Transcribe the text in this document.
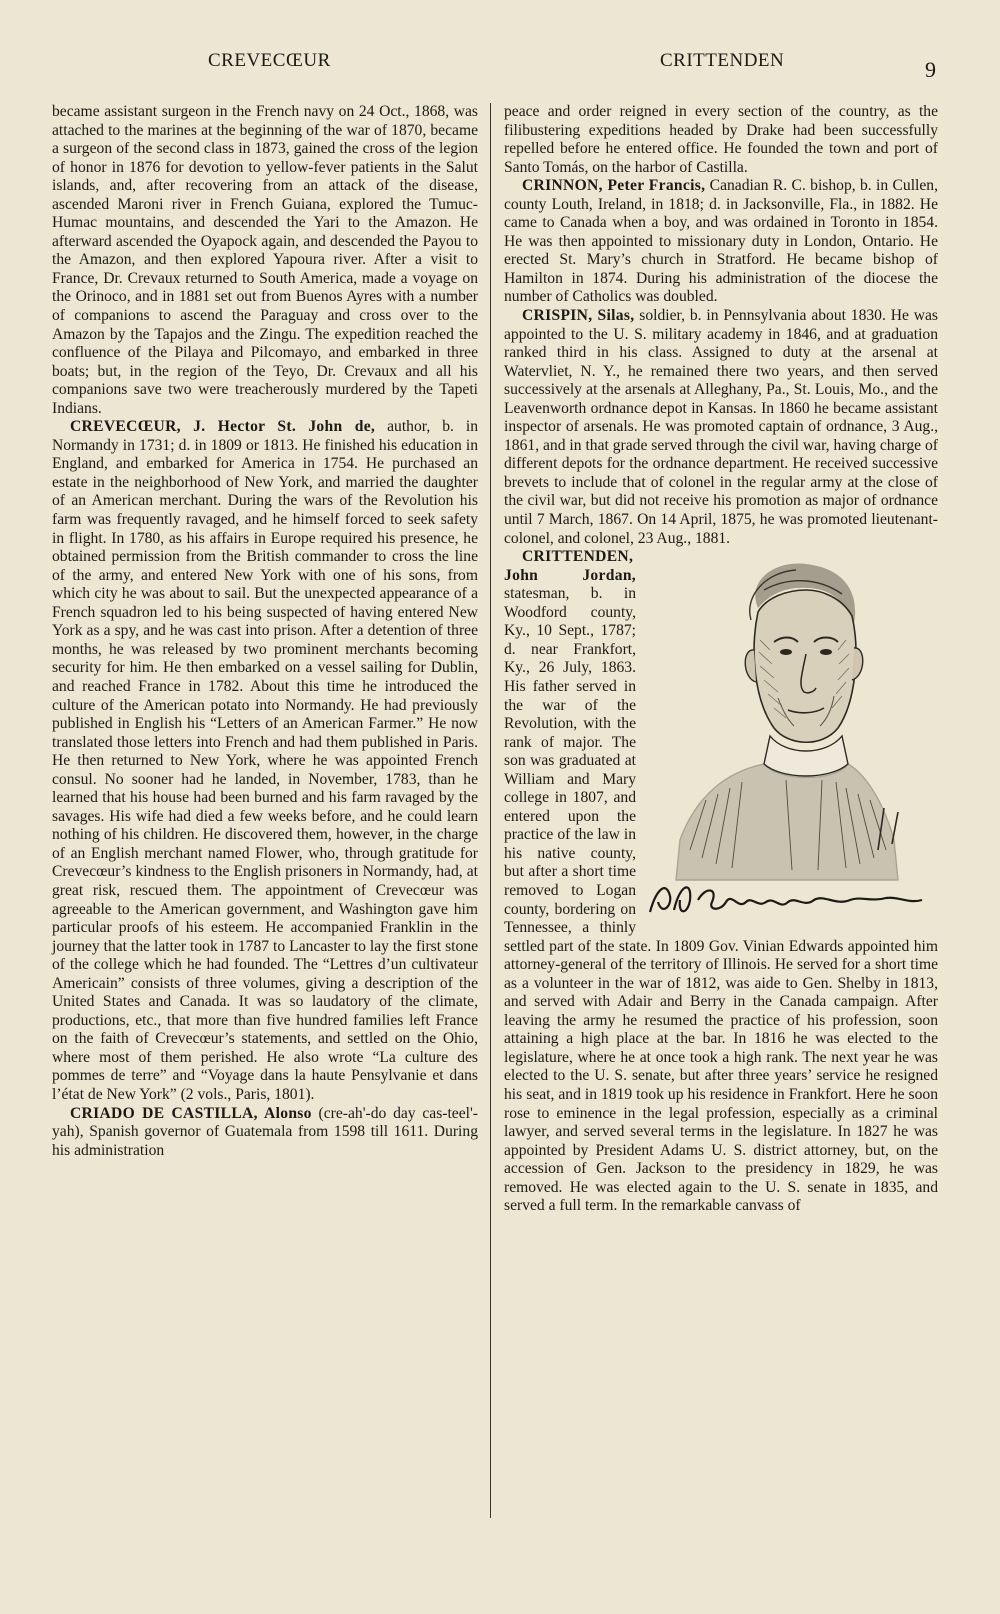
CREVECŒUR	CRITTENDEN	9

became assistant surgeon in the French navy on 24 Oct., 1868, was attached to the marines at the beginning of the war of 1870, became a surgeon of the second class in 1873, gained the cross of the legion of honor in 1876 for devotion to yellow-fever patients in the Salut islands, and, after recovering from an attack of the disease, ascended Maroni river in French Guiana, explored the Tumuc-Humac mountains, and descended the Yari to the Amazon. He afterward ascended the Oyapock again, and descended the Payou to the Amazon, and then explored Yapoura river. After a visit to France, Dr. Crevaux returned to South America, made a voyage on the Orinoco, and in 1881 set out from Buenos Ayres with a number of companions to ascend the Paraguay and cross over to the Amazon by the Tapajos and the Zingu. The expedition reached the confluence of the Pilaya and Pilcomayo, and embarked in three boats; but, in the region of the Teyo, Dr. Crevaux and all his companions save two were treacherously murdered by the Tapeti Indians.

CREVECŒUR, J. Hector St. John de, author, b. in Normandy in 1731; d. in 1809 or 1813. He finished his education in England, and embarked for America in 1754. He purchased an estate in the neighborhood of New York, and married the daughter of an American merchant. During the wars of the Revolution his farm was frequently ravaged, and he himself forced to seek safety in flight. In 1780, as his affairs in Europe required his presence, he obtained permission from the British commander to cross the line of the army, and entered New York with one of his sons, from which city he was about to sail. But the unexpected appearance of a French squadron led to his being suspected of having entered New York as a spy, and he was cast into prison. After a detention of three months, he was released by two prominent merchants becoming security for him. He then embarked on a vessel sailing for Dublin, and reached France in 1782. About this time he introduced the culture of the American potato into Normandy. He had previously published in English his “Letters of an American Farmer.” He now translated those letters into French and had them published in Paris. He then returned to New York, where he was appointed French consul. No sooner had he landed, in November, 1783, than he learned that his house had been burned and his farm ravaged by the savages. His wife had died a few weeks before, and he could learn nothing of his children. He discovered them, however, in the charge of an English merchant named Flower, who, through gratitude for Crevecœur’s kindness to the English prisoners in Normandy, had, at great risk, rescued them. The appointment of Crevecœur was agreeable to the American government, and Washington gave him particular proofs of his esteem. He accompanied Franklin in the journey that the latter took in 1787 to Lancaster to lay the first stone of the college which he had founded. The “Lettres d’un cultivateur Americain” consists of three volumes, giving a description of the United States and Canada. It was so laudatory of the climate, productions, etc., that more than five hundred families left France on the faith of Crevecœur’s statements, and settled on the Ohio, where most of them perished. He also wrote “La culture des pommes de terre” and “Voyage dans la haute Pensylvanie et dans l’état de New York” (2 vols., Paris, 1801).

CRIADO DE CASTILLA, Alonso (cre-ah'-do day cas-teel'-yah), Spanish governor of Guatemala from 1598 till 1611. During his administration

peace and order reigned in every section of the country, as the filibustering expeditions headed by Drake had been successfully repelled before he entered office. He founded the town and port of Santo Tomás, on the harbor of Castilla.

CRINNON, Peter Francis, Canadian R. C. bishop, b. in Cullen, county Louth, Ireland, in 1818; d. in Jacksonville, Fla., in 1882. He came to Canada when a boy, and was ordained in Toronto in 1854. He was then appointed to missionary duty in London, Ontario. He erected St. Mary’s church in Stratford. He became bishop of Hamilton in 1874. During his administration of the diocese the number of Catholics was doubled.

CRISPIN, Silas, soldier, b. in Pennsylvania about 1830. He was appointed to the U. S. military academy in 1846, and at graduation ranked third in his class. Assigned to duty at the arsenal at Watervliet, N. Y., he remained there two years, and then served successively at the arsenals at Alleghany, Pa., St. Louis, Mo., and the Leavenworth ordnance depot in Kansas. In 1860 he became assistant inspector of arsenals. He was promoted captain of ordnance, 3 Aug., 1861, and in that grade served through the civil war, having charge of different depots for the ordnance department. He received successive brevets to include that of colonel in the regular army at the close of the civil war, but did not receive his promotion as major of ordnance until 7 March, 1867. On 14 April, 1875, he was promoted lieutenant-colonel, and colonel, 23 Aug., 1881.

CRITTENDEN, John Jordan, statesman, b. in Woodford county, Ky., 10 Sept., 1787; d. near Frankfort, Ky., 26 July, 1863. His father served in the war of the Revolution, with the rank of major. The son was graduated at William and Mary college in 1807, and entered upon the practice of the law in his native county, but after a short time removed to Logan county, bordering on Tennessee, a thinly settled part of the state. In 1809 Gov. Vinian Edwards appointed him attorney-general of the territory of Illinois. He served for a short time as a volunteer in the war of 1812, was aide to Gen. Shelby in 1813, and served with Adair and Berry in the Canada campaign. After leaving the army he resumed the practice of his profession, soon attaining a high place at the bar. In 1816 he was elected to the legislature, where he at once took a high rank. The next year he was elected to the U. S. senate, but after three years’ service he resigned his seat, and in 1819 took up his residence in Frankfort. Here he soon rose to eminence in the legal profession, especially as a criminal lawyer, and served several terms in the legislature. In 1827 he was appointed by President Adams U. S. district attorney, but, on the accession of Gen. Jackson to the presidency in 1829, he was removed. He was elected again to the U. S. senate in 1835, and served a full term. In the remarkable canvass of
